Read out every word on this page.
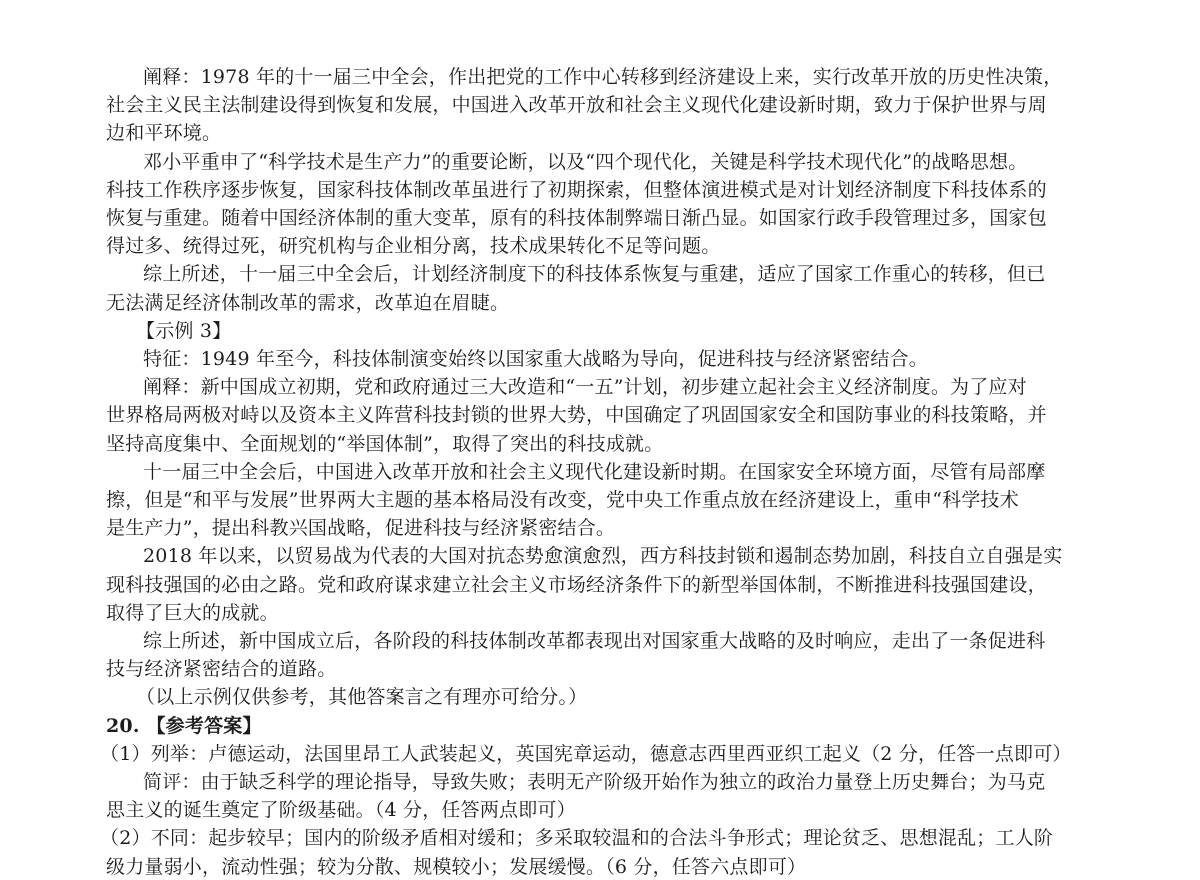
阐释：1978 年的十一届三中全会，作出把党的工作中心转移到经济建设上来，实行改革开放的历史性决策，
社会主义民主法制建设得到恢复和发展，中国进入改革开放和社会主义现代化建设新时期，致力于保护世界与周
边和平环境。
邓小平重申了“科学技术是生产力”的重要论断，以及“四个现代化，关键是科学技术现代化”的战略思想。
科技工作秩序逐步恢复，国家科技体制改革虽进行了初期探索，但整体演进模式是对计划经济制度下科技体系的
恢复与重建。随着中国经济体制的重大变革，原有的科技体制弊端日渐凸显。如国家行政手段管理过多，国家包
得过多、统得过死，研究机构与企业相分离，技术成果转化不足等问题。
综上所述，十一届三中全会后，计划经济制度下的科技体系恢复与重建，适应了国家工作重心的转移，但已
无法满足经济体制改革的需求，改革迫在眉睫。
【示例 3】
特征：1949 年至今，科技体制演变始终以国家重大战略为导向，促进科技与经济紧密结合。
阐释：新中国成立初期，党和政府通过三大改造和“一五”计划，初步建立起社会主义经济制度。为了应对
世界格局两极对峙以及资本主义阵营科技封锁的世界大势，中国确定了巩固国家安全和国防事业的科技策略，并
坚持高度集中、全面规划的“举国体制”，取得了突出的科技成就。
十一届三中全会后，中国进入改革开放和社会主义现代化建设新时期。在国家安全环境方面，尽管有局部摩
擦，但是“和平与发展”世界两大主题的基本格局没有改变，党中央工作重点放在经济建设上，重申“科学技术
是生产力”，提出科教兴国战略，促进科技与经济紧密结合。
2018 年以来，以贸易战为代表的大国对抗态势愈演愈烈，西方科技封锁和遏制态势加剧，科技自立自强是实
现科技强国的必由之路。党和政府谋求建立社会主义市场经济条件下的新型举国体制，不断推进科技强国建设，
取得了巨大的成就。
综上所述，新中国成立后，各阶段的科技体制改革都表现出对国家重大战略的及时响应，走出了一条促进科
技与经济紧密结合的道路。
（以上示例仅供参考，其他答案言之有理亦可给分。）
20. 【参考答案】
（1）列举：卢德运动，法国里昂工人武装起义，英国宪章运动，德意志西里西亚织工起义（2 分，任答一点即可）
简评：由于缺乏科学的理论指导，导致失败；表明无产阶级开始作为独立的政治力量登上历史舞台；为马克
思主义的诞生奠定了阶级基础。（4 分，任答两点即可）
（2）不同：起步较早；国内的阶级矛盾相对缓和；多采取较温和的合法斗争形式；理论贫乏、思想混乱；工人阶
级力量弱小，流动性强；较为分散、规模较小；发展缓慢。（6 分，任答六点即可）
